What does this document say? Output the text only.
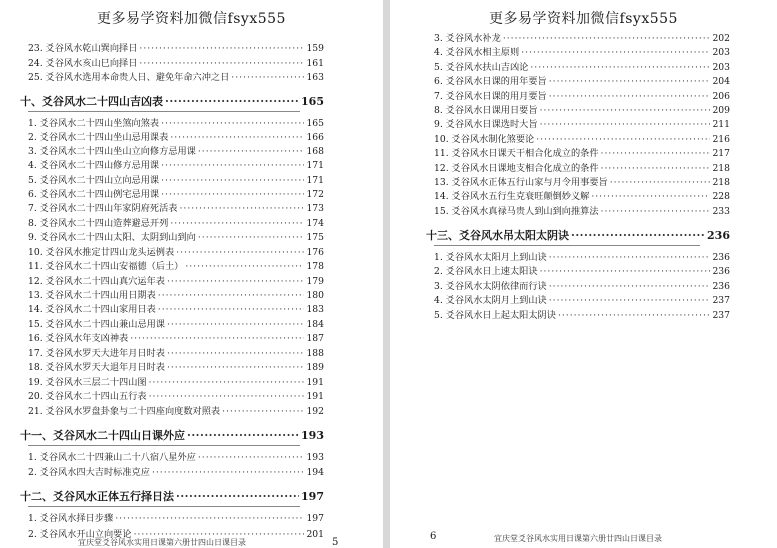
更多易学资料加微信fsyx555
23. 爻谷风水乾山巽向择日 ·····	159
24. 爻谷风水亥山巳向择日 ·····	161
25. 爻谷风水选用本命贵人日、避免年命六冲之日 ·····	163
十、爻谷风水二十四山吉凶表 ·····	165
1. 爻谷风水二十四山坐煞向煞表 ·····	165
2. 爻谷风水二十四山坐山忌用课表 ·····	166
3. 爻谷风水二十四山坐山立向修方忌用课 ·····	168
4. 爻谷风水二十四山修方忌用课 ·····	171
5. 爻谷风水二十四山立向忌用课 ·····	171
6. 爻谷风水二十四山例宅忌用课 ·····	172
7. 爻谷风水二十四山年家阴府死活表 ·····	173
8. 爻谷风水二十四山造葬避忌开列 ·····	174
9. 爻谷风水二十四山太阳、太阴到山到向 ·····	175
10. 爻谷风水推定廿四山龙头运例表 ·····	176
11. 爻谷风水二十四山安福德（后土） ·····	178
12. 爻谷风水二十四山真穴运年表 ·····	179
13. 爻谷风水二十四山用日期表 ·····	180
14. 爻谷风水二十四山家用日表 ·····	183
15. 爻谷风水二十四山兼山忌用课 ·····	184
16. 爻谷风水年支凶神表 ·····	187
17. 爻谷风水罗天大进年月日时表 ·····	188
18. 爻谷风水罗天大退年月日时表 ·····	189
19. 爻谷风水三层二十四山图 ·····	191
20. 爻谷风水二十四山五行表 ·····	191
21. 爻谷风水罗盘卦象与二十四座向度数对照表 ·····	192
十一、爻谷风水二十四山日课外应 ·····	193
1. 爻谷风水二十四兼山二十八宿八星外应 ·····	193
2. 爻谷风水四大吉时标准克应 ·····	194
十二、爻谷风水正体五行择日法 ·····	197
1. 爻谷风水择日步骤 ·····	197
2. 爻谷风水开山立向要论 ·····	201
宜庆堂爻谷风水实用日课第六册廿四山日课目录	5
更多易学资料加微信fsyx555
3. 爻谷风水补龙 ·····	202
4. 爻谷风水相主原则 ·····	203
5. 爻谷风水扶山吉凶论 ·····	203
6. 爻谷风水日课的用年要旨 ·····	204
7. 爻谷风水日课的用月要旨 ·····	206
8. 爻谷风水日课用日要旨 ·····	209
9. 爻谷风水日课选时大旨 ·····	211
10. 爻谷风水制化煞要论 ·····	216
11. 爻谷风水日课天干相合化成立的条件 ·····	217
12. 爻谷风水日课地支相合化成立的条件 ·····	218
13. 爻谷风水正体五行山家与月令用事要旨 ·····	218
14. 爻谷风水五行生克衰旺颠倒妙义解 ·····	228
15. 爻谷风水真禄马贵人到山到向推算法 ·····	233
十三、爻谷风水吊太阳太阴诀 ·····	236
1. 爻谷风水太阳月上到山诀 ·····	236
2. 爻谷风水日上速太阳诀 ·····	236
3. 爻谷风水太阴依律而行诀 ·····	236
4. 爻谷风水太阴月上到山诀 ·····	237
5. 爻谷风水日上起太阳太阴诀 ·····	237
6	宜庆堂爻谷风水实用日课第六册廿四山日课目录
